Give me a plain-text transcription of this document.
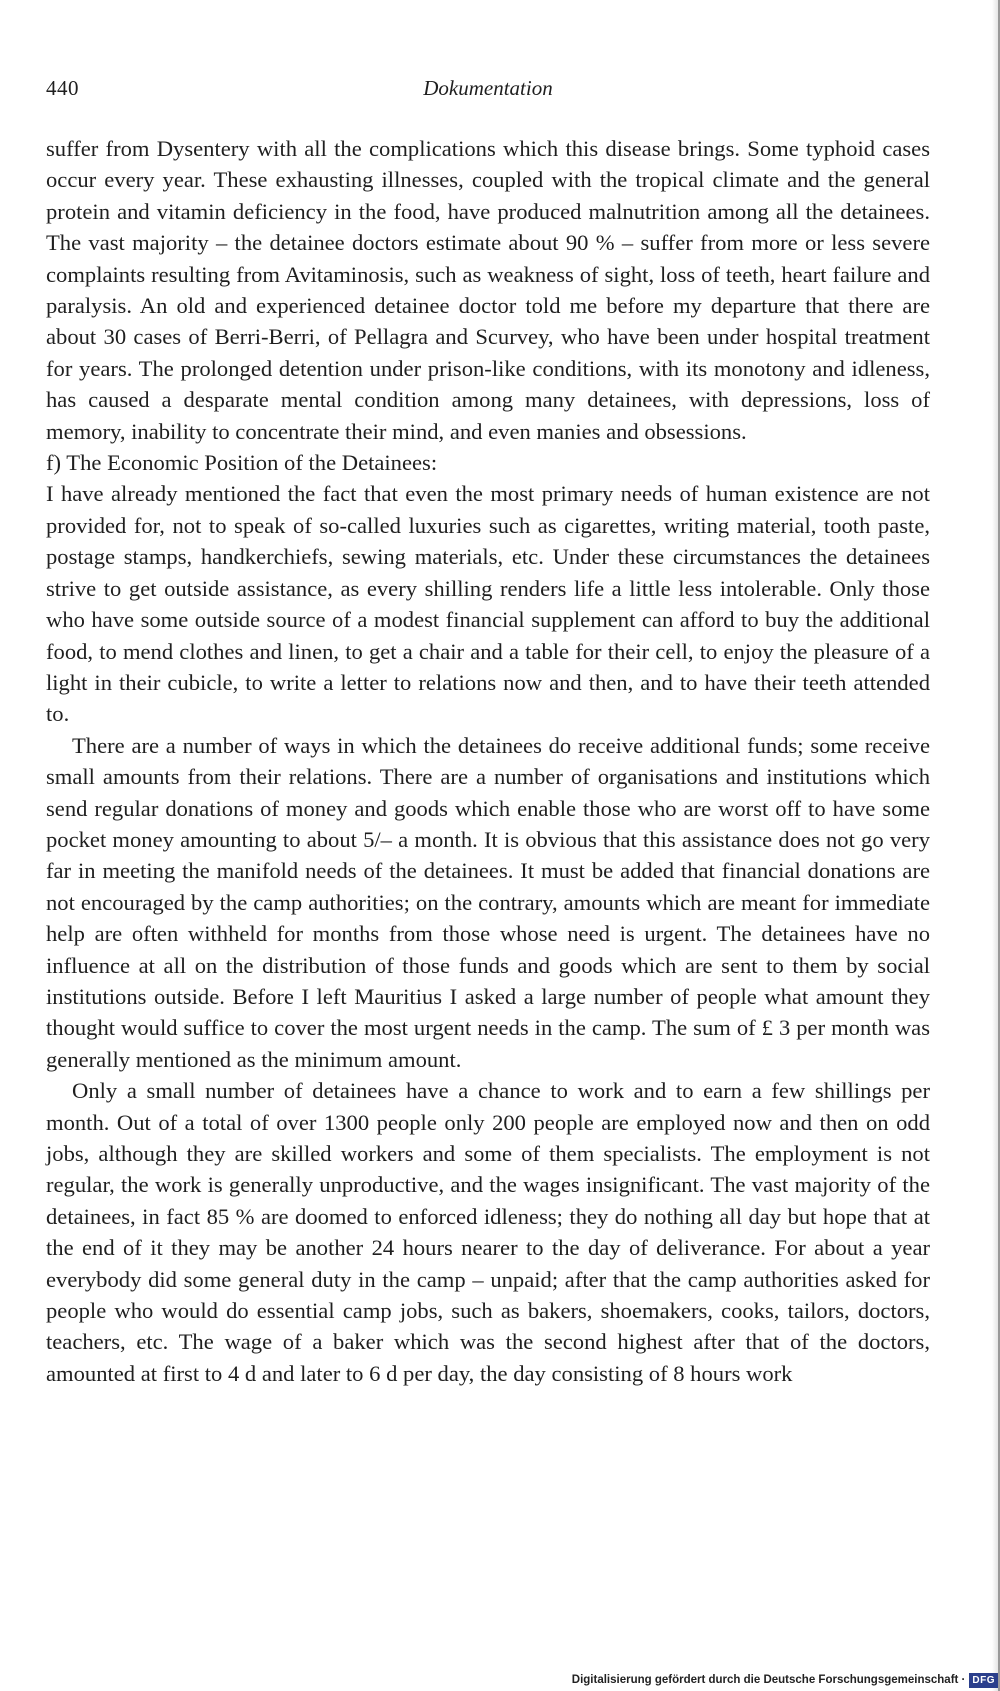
440	Dokumentation

suffer from Dysentery with all the complications which this disease brings. Some typhoid cases occur every year. These exhausting illnesses, coupled with the tropical climate and the general protein and vitamin deficiency in the food, have produced malnutrition among all the detainees. The vast majority – the detainee doctors estimate about 90 % – suffer from more or less severe complaints resulting from Avitaminosis, such as weakness of sight, loss of teeth, heart failure and paralysis. An old and experienced detainee doctor told me before my departure that there are about 30 cases of Berri-Berri, of Pellagra and Scurvey, who have been under hospital treatment for years. The prolonged detention under prison-like conditions, with its monotony and idleness, has caused a desparate mental condition among many detainees, with depressions, loss of memory, inability to concentrate their mind, and even manies and obsessions.

f) The Economic Position of the Detainees:

I have already mentioned the fact that even the most primary needs of human existence are not provided for, not to speak of so-called luxuries such as cigarettes, writing material, tooth paste, postage stamps, handkerchiefs, sewing materials, etc. Under these circumstances the detainees strive to get outside assistance, as every shilling renders life a little less intolerable. Only those who have some outside source of a modest financial supplement can afford to buy the additional food, to mend clothes and linen, to get a chair and a table for their cell, to enjoy the pleasure of a light in their cubicle, to write a letter to relations now and then, and to have their teeth attended to.

There are a number of ways in which the detainees do receive additional funds; some receive small amounts from their relations. There are a number of organisations and institutions which send regular donations of money and goods which enable those who are worst off to have some pocket money amounting to about 5/– a month. It is obvious that this assistance does not go very far in meeting the manifold needs of the detainees. It must be added that financial donations are not encouraged by the camp authorities; on the contrary, amounts which are meant for immediate help are often withheld for months from those whose need is urgent. The detainees have no influence at all on the distribution of those funds and goods which are sent to them by social institutions outside. Before I left Mauritius I asked a large number of people what amount they thought would suffice to cover the most urgent needs in the camp. The sum of £ 3 per month was generally mentioned as the minimum amount.

Only a small number of detainees have a chance to work and to earn a few shillings per month. Out of a total of over 1300 people only 200 people are employed now and then on odd jobs, although they are skilled workers and some of them specialists. The employment is not regular, the work is generally unproductive, and the wages insignificant. The vast majority of the detainees, in fact 85 % are doomed to enforced idleness; they do nothing all day but hope that at the end of it they may be another 24 hours nearer to the day of deliverance. For about a year everybody did some general duty in the camp – unpaid; after that the camp authorities asked for people who would do essential camp jobs, such as bakers, shoemakers, cooks, tailors, doctors, teachers, etc. The wage of a baker which was the second highest after that of the doctors, amounted at first to 4 d and later to 6 d per day, the day consisting of 8 hours work

Digitalisierung gefördert durch die Deutsche Forschungsgemeinschaft · DFG
